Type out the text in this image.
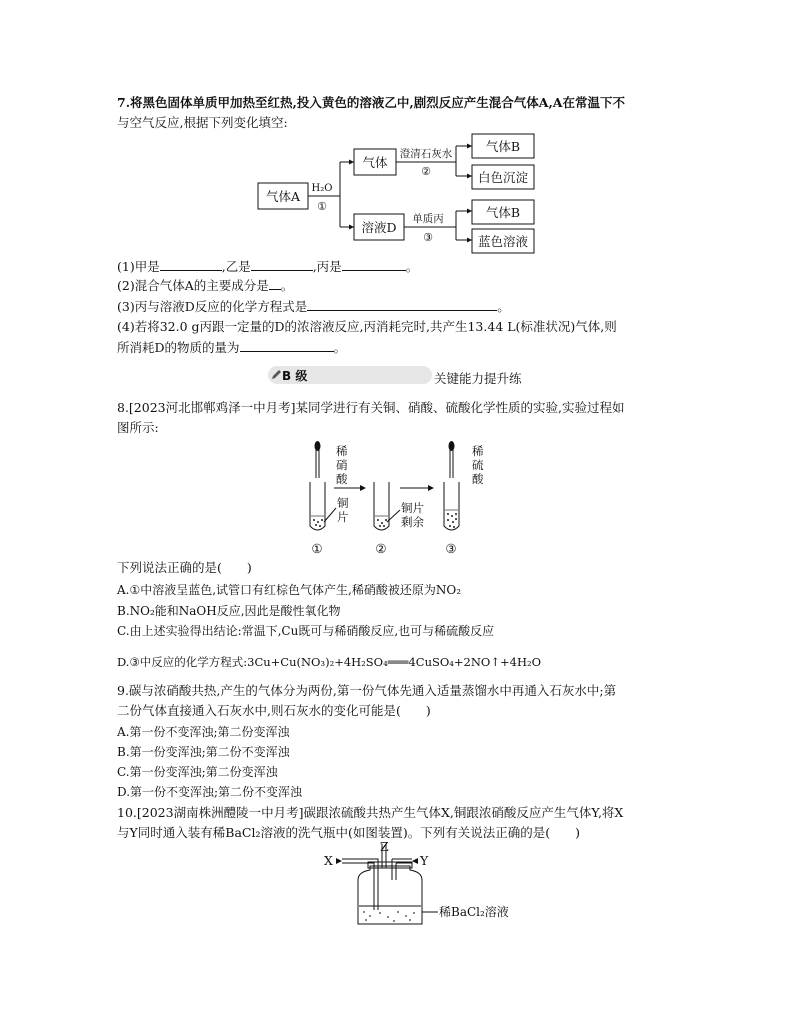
7.将黑色固体单质甲加热至红热,投入黄色的溶液乙中,剧烈反应产生混合气体A,A在常温下不
与空气反应,根据下列变化填空:
气体A
H₂O
①
气体
溶液D
澄清石灰水
②
单质丙
③
气体B
白色沉淀
气体B
蓝色溶液
(1)甲是	,乙是	,丙是	。
(2)混合气体A的主要成分是 。
(3)丙与溶液D反应的化学方程式是	。
(4)若将32.0 g丙跟一定量的D的浓溶液反应,丙消耗完时,共产生13.44 L(标准状况)气体,则
所消耗D的物质的量为	。
B 级	关键能力提升练
8.[2023河北邯郸鸡泽一中月考]某同学进行有关铜、硝酸、硫酸化学性质的实验,实验过程如
图所示:
稀
硝
酸
稀
硫
酸
铜
片
铜片
剩余
①	②	③
下列说法正确的是(　　)
A.①中溶液呈蓝色,试管口有红棕色气体产生,稀硝酸被还原为NO₂
B.NO₂能和NaOH反应,因此是酸性氧化物
C.由上述实验得出结论:常温下,Cu既可与稀硝酸反应,也可与稀硫酸反应
D.③中反应的化学方程式:3Cu+Cu(NO₃)₂+4H₂SO₄═══4CuSO₄+2NO↑+4H₂O
9.碳与浓硝酸共热,产生的气体分为两份,第一份气体先通入适量蒸馏水中再通入石灰水中;第
二份气体直接通入石灰水中,则石灰水的变化可能是(　　)
A.第一份不变浑浊;第二份变浑浊
B.第一份变浑浊;第二份不变浑浊
C.第一份变浑浊;第二份变浑浊
D.第一份不变浑浊;第二份不变浑浊
10.[2023湖南株洲醴陵一中月考]碳跟浓硫酸共热产生气体X,铜跟浓硝酸反应产生气体Y,将X
与Y同时通入装有稀BaCl₂溶液的洗气瓶中(如图装置)。下列有关说法正确的是(　　)
X	Y
Z
稀BaCl₂溶液
